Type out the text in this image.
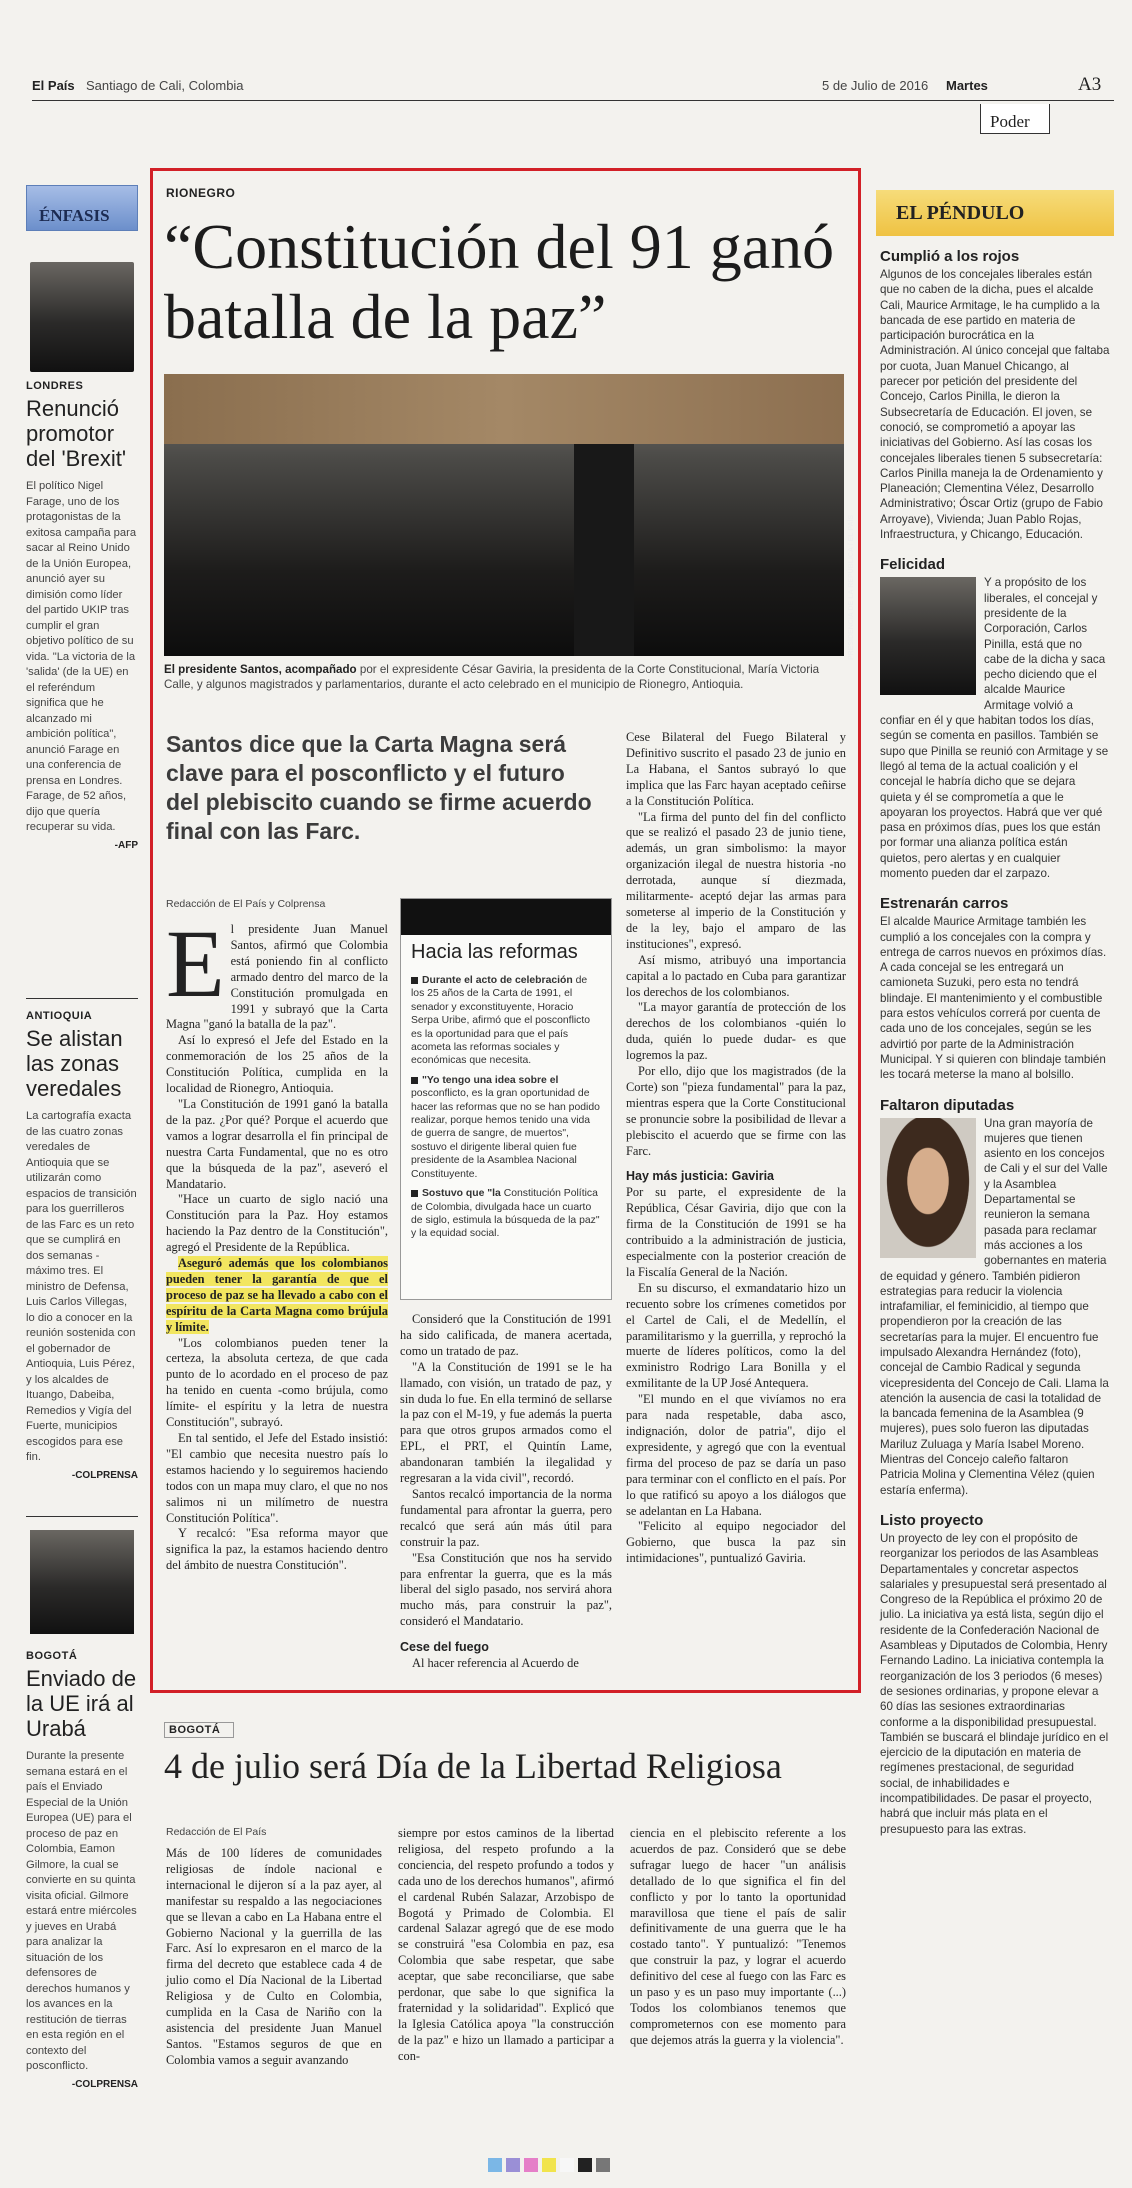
El País Santiago de Cali, Colombia	5 de Julio de 2016 Martes	A3
Poder
ÉNFASIS
LONDRES
Renunció promotor del 'Brexit'
El político Nigel Farage, uno de los protagonistas de la exitosa campaña para sacar al Reino Unido de la Unión Europea, anunció ayer su dimisión como líder del partido UKIP tras cumplir el gran objetivo político de su vida. "La victoria de la 'salida' (de la UE) en el referéndum significa que he alcanzado mi ambición política", anunció Farage en una conferencia de prensa en Londres. Farage, de 52 años, dijo que quería recuperar su vida.
-AFP
ANTIOQUIA
Se alistan las zonas veredales
La cartografía exacta de las cuatro zonas veredales de Antioquia que se utilizarán como espacios de transición para los guerrilleros de las Farc es un reto que se cumplirá en dos semanas -máximo tres. El ministro de Defensa, Luis Carlos Villegas, lo dio a conocer en la reunión sostenida con el gobernador de Antioquia, Luis Pérez, y los alcaldes de Ituango, Dabeiba, Remedios y Vigía del Fuerte, municipios escogidos para ese fin.
-COLPRENSA
BOGOTÁ
Enviado de la UE irá al Urabá
Durante la presente semana estará en el país el Enviado Especial de la Unión Europea (UE) para el proceso de paz en Colombia, Eamon Gilmore, la cual se convierte en su quinta visita oficial. Gilmore estará entre miércoles y jueves en Urabá para analizar la situación de los defensores de derechos humanos y los avances en la restitución de tierras en esta región en el contexto del posconflicto.
-COLPRENSA
RIONEGRO
“Constitución del 91 ganó batalla de la paz”
PRESIDENCIA DE LA REPÚBLICA / EL PAÍS
El presidente Santos, acompañado por el expresidente César Gaviria, la presidenta de la Corte Constitucional, María Victoria Calle, y algunos magistrados y parlamentarios, durante el acto celebrado en el municipio de Rionegro, Antioquia.
Santos dice que la Carta Magna será clave para el posconflicto y el futuro del plebiscito cuando se firme acuerdo final con las Farc.
Redacción de El País y Colprensa
E l presidente Juan Manuel Santos, afirmó que Colombia está poniendo fin al conflicto armado dentro del marco de la Constitución promulgada en 1991 y subrayó que la Carta Magna "ganó la batalla de la paz".

Así lo expresó el Jefe del Estado en la conmemoración de los 25 años de la Constitución Política, cumplida en la localidad de Rionegro, Antioquia.

"La Constitución de 1991 ganó la batalla de la paz. ¿Por qué? Porque el acuerdo que vamos a lograr desarrolla el fin principal de nuestra Carta Fundamental, que no es otro que la búsqueda de la paz", aseveró el Mandatario.

"Hace un cuarto de siglo nació una Constitución para la Paz. Hoy estamos haciendo la Paz dentro de la Constitución", agregó el Presidente de la República.

Aseguró además que los colombianos pueden tener la garantía de que el proceso de paz se ha llevado a cabo con el espíritu de la Carta Magna como brújula y límite.

"Los colombianos pueden tener la certeza, la absoluta certeza, de que cada punto de lo acordado en el proceso de paz ha tenido en cuenta -como brújula, como límite- el espíritu y la letra de nuestra Constitución", subrayó.

En tal sentido, el Jefe del Estado insistió: "El cambio que necesita nuestro país lo estamos haciendo y lo seguiremos haciendo todos con un mapa muy claro, el que no nos salimos ni un milímetro de nuestra Constitución Política".

Y recalcó: "Esa reforma mayor que significa la paz, la estamos haciendo dentro del ámbito de nuestra Constitución".

Hacia las reformas
Durante el acto de celebración de los 25 años de la Carta de 1991, el senador y exconstituyente, Horacio Serpa Uribe, afirmó que el posconflicto es la oportunidad para que el país acometa las reformas sociales y económicas que necesita.
"Yo tengo una idea sobre el posconflicto, es la gran oportunidad de hacer las reformas que no se han podido realizar, porque hemos tenido una vida de guerra de sangre, de muertos", sostuvo el dirigente liberal quien fue presidente de la Asamblea Nacional Constituyente.
Sostuvo que "la Constitución Política de Colombia, divulgada hace un cuarto de siglo, estimula la búsqueda de la paz" y la equidad social.

Consideró que la Constitución de 1991 ha sido calificada, de manera acertada, como un tratado de paz.

"A la Constitución de 1991 se le ha llamado, con visión, un tratado de paz, y sin duda lo fue. En ella terminó de sellarse la paz con el M-19, y fue además la puerta para que otros grupos armados como el EPL, el PRT, el Quintín Lame, abandonaran también la ilegalidad y regresaran a la vida civil", recordó.

Santos recalcó importancia de la norma fundamental para afrontar la guerra, pero recalcó que será aún más útil para construir la paz.

"Esa Constitución que nos ha servido para enfrentar la guerra, que es la más liberal del siglo pasado, nos servirá ahora mucho más, para construir la paz", consideró el Mandatario.

Cese del fuego

Al hacer referencia al Acuerdo de

Cese Bilateral del Fuego Bilateral y Definitivo suscrito el pasado 23 de junio en La Habana, el Santos subrayó lo que implica que las Farc hayan aceptado ceñirse a la Constitución Política.

"La firma del punto del fin del conflicto que se realizó el pasado 23 de junio tiene, además, un gran simbolismo: la mayor organización ilegal de nuestra historia -no derrotada, aunque sí diezmada, militarmente- aceptó dejar las armas para someterse al imperio de la Constitución y de la ley, bajo el amparo de las instituciones", expresó.

Así mismo, atribuyó una importancia capital a lo pactado en Cuba para garantizar los derechos de los colombianos.

"La mayor garantía de protección de los derechos de los colombianos -quién lo duda, quién lo puede dudar- es que logremos la paz.

Por ello, dijo que los magistrados (de la Corte) son "pieza fundamental" para la paz, mientras espera que la Corte Constitucional se pronuncie sobre la posibilidad de llevar a plebiscito el acuerdo que se firme con las Farc.

Hay más justicia: Gaviria
Por su parte, el expresidente de la República, César Gaviria, dijo que con la firma de la Constitución de 1991 se ha contribuido a la administración de justicia, especialmente con la posterior creación de la Fiscalía General de la Nación.

En su discurso, el exmandatario hizo un recuento sobre los crímenes cometidos por el Cartel de Cali, el de Medellín, el paramilitarismo y la guerrilla, y reprochó la muerte de líderes políticos, como la del exministro Rodrigo Lara Bonilla y el exmilitante de la UP José Antequera.

"El mundo en el que vivíamos no era para nada respetable, daba asco, indignación, dolor de patria", dijo el expresidente, y agregó que con la eventual firma del proceso de paz se daría un paso para terminar con el conflicto en el país. Por lo que ratificó su apoyo a los diálogos que se adelantan en La Habana.

"Felicito al equipo negociador del Gobierno, que busca la paz sin intimidaciones", puntualizó Gaviria.

EL PÉNDULO
Cumplió a los rojos

Algunos de los concejales liberales están que no caben de la dicha, pues el alcalde Cali, Maurice Armitage, le ha cumplido a la bancada de ese partido en materia de participación burocrática en la Administración. Al único concejal que faltaba por cuota, Juan Manuel Chicango, al parecer por petición del presidente del Concejo, Carlos Pinilla, le dieron la Subsecretaría de Educación. El joven, se conoció, se comprometió a apoyar las iniciativas del Gobierno. Así las cosas los concejales liberales tienen 5 subsecretaría: Carlos Pinilla maneja la de Ordenamiento y Planeación; Clementina Vélez, Desarrollo Administrativo; Óscar Ortiz (grupo de Fabio Arroyave), Vivienda; Juan Pablo Rojas, Infraestructura, y Chicango, Educación.

Felicidad

Y a propósito de los liberales, el concejal y presidente de la Corporación, Carlos Pinilla, está que no cabe de la dicha y saca pecho diciendo que el alcalde Maurice Armitage volvió a confiar en él y que habitan todos los días, según se comenta en pasillos. También se supo que Pinilla se reunió con Armitage y se llegó al tema de la actual coalición y el concejal le habría dicho que se dejara quieta y él se comprometía a que le apoyaran los proyectos. Habrá que ver qué pasa en próximos días, pues los que están por formar una alianza política están quietos, pero alertas y en cualquier momento pueden dar el zarpazo.

Estrenarán carros

El alcalde Maurice Armitage también les cumplió a los concejales con la compra y entrega de carros nuevos en próximos días. A cada concejal se les entregará un camioneta Suzuki, pero esta no tendrá blindaje. El mantenimiento y el combustible para estos vehículos correrá por cuenta de cada uno de los concejales, según se les advirtió por parte de la Administración Municipal. Y si quieren con blindaje también les tocará meterse la mano al bolsillo.

Faltaron diputadas

Una gran mayoría de mujeres que tienen asiento en los concejos de Cali y el sur del Valle y la Asamblea Departamental se reunieron la semana pasada para reclamar más acciones a los gobernantes en materia de equidad y género. También pidieron estrategias para reducir la violencia intrafamiliar, el feminicidio, al tiempo que propendieron por la creación de las secretarías para la mujer. El encuentro fue impulsado Alexandra Hernández (foto), concejal de Cambio Radical y segunda vicepresidenta del Concejo de Cali. Llama la atención la ausencia de casi la totalidad de la bancada femenina de la Asamblea (9 mujeres), pues solo fueron las diputadas Mariluz Zuluaga y María Isabel Moreno. Mientras del Concejo caleño faltaron Patricia Molina y Clementina Vélez (quien estaría enferma).

Listo proyecto

Un proyecto de ley con el propósito de reorganizar los periodos de las Asambleas Departamentales y concretar aspectos salariales y presupuestal será presentado al Congreso de la República el próximo 20 de julio. La iniciativa ya está lista, según dijo el residente de la Confederación Nacional de Asambleas y Diputados de Colombia, Henry Fernando Ladino. La iniciativa contempla la reorganización de los 3 periodos (6 meses) de sesiones ordinarias, y propone elevar a 60 días las sesiones extraordinarias conforme a la disponibilidad presupuestal. También se buscará el blindaje jurídico en el ejercicio de la diputación en materia de regímenes prestacional, de seguridad social, de inhabilidades e incompatibilidades. De pasar el proyecto, habrá que incluir más plata en el presupuesto para las extras.

BOGOTÁ
4 de julio será Día de la Libertad Religiosa
Redacción de El País
Más de 100 líderes de comunidades religiosas de índole nacional e internacional le dijeron sí a la paz ayer, al manifestar su respaldo a las negociaciones que se llevan a cabo en La Habana entre el Gobierno Nacional y la guerrilla de las Farc. Así lo expresaron en el marco de la firma del decreto que establece cada 4 de julio como el Día Nacional de la Libertad Religiosa y de Culto en Colombia, cumplida en la Casa de Nariño con la asistencia del presidente Juan Manuel Santos. "Estamos seguros de que en Colombia vamos a seguir avanzando
siempre por estos caminos de la libertad religiosa, del respeto profundo a la conciencia, del respeto profundo a todos y cada uno de los derechos humanos", afirmó el cardenal Rubén Salazar, Arzobispo de Bogotá y Primado de Colombia. El cardenal Salazar agregó que de ese modo se construirá "esa Colombia en paz, esa Colombia que sabe respetar, que sabe aceptar, que sabe reconciliarse, que sabe perdonar, que sabe lo que significa la fraternidad y la solidaridad". Explicó que la Iglesia Católica apoya "la construcción de la paz" e hizo un llamado a participar a con-
ciencia en el plebiscito referente a los acuerdos de paz. Consideró que se debe sufragar luego de hacer "un análisis detallado de lo que significa el fin del conflicto y por lo tanto la oportunidad maravillosa que tiene el país de salir definitivamente de una guerra que le ha costado tanto". Y puntualizó: "Tenemos que construir la paz, y lograr el acuerdo definitivo del cese al fuego con las Farc es un paso y es un paso muy importante (...) Todos los colombianos tenemos que comprometernos con ese momento para que dejemos atrás la guerra y la violencia".
